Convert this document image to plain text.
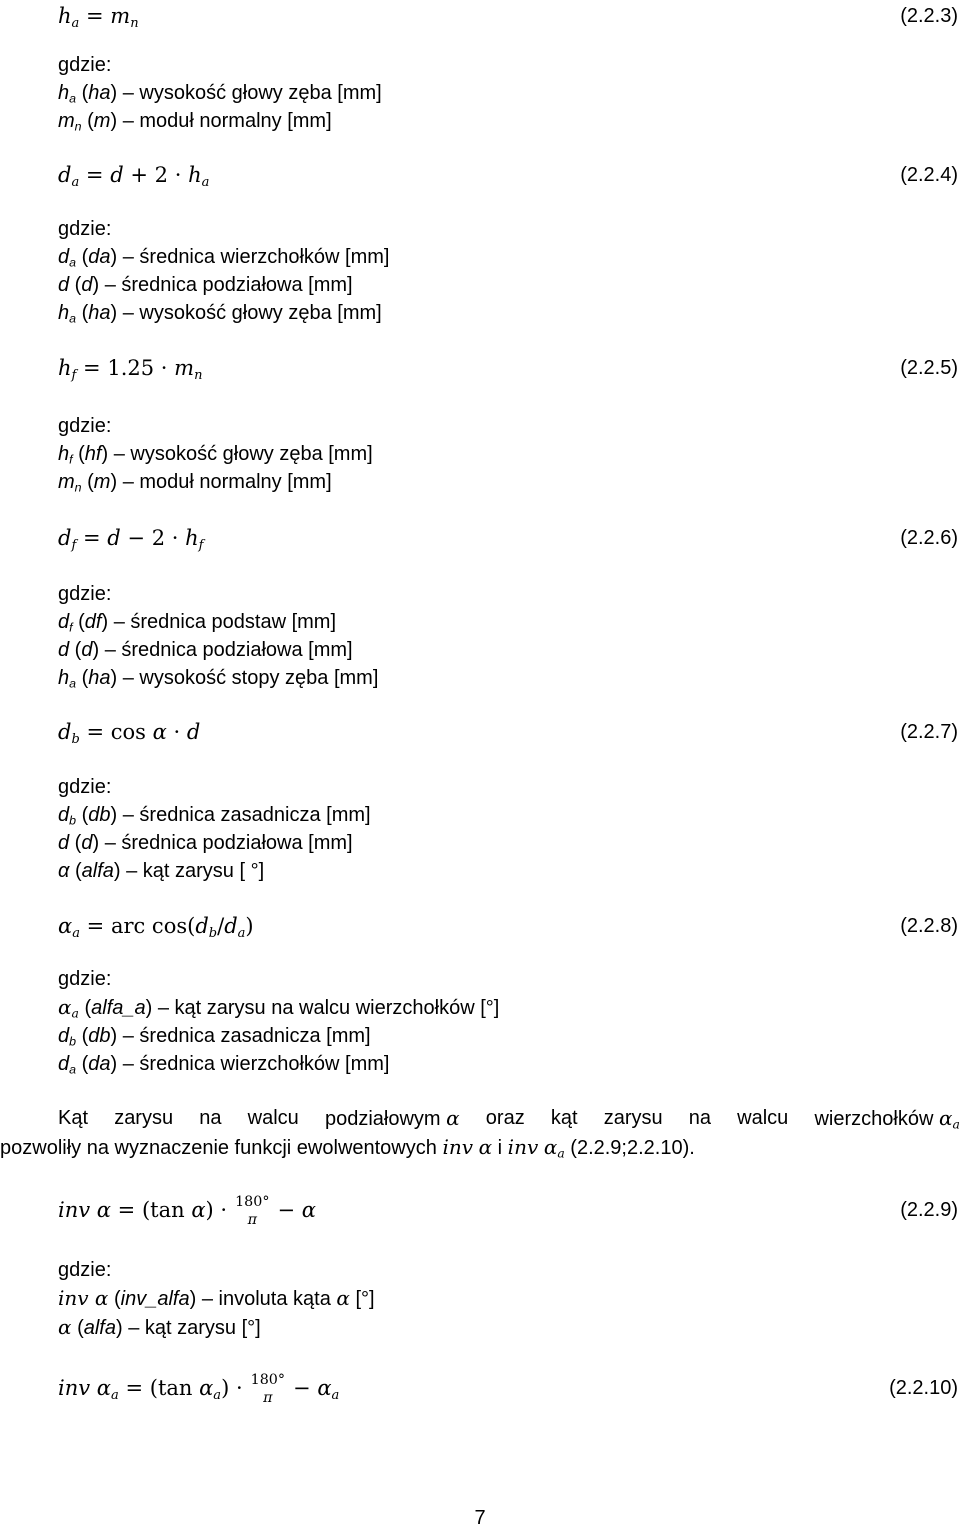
$h_a = m_n$	(2.2.3)
gdzie:
$h_a$ (ha) – wysokość głowy zęba [mm]
$m_n$ (m) – moduł normalny [mm]
$d_a = d + 2 \cdot h_a$	(2.2.4)
gdzie:
$d_a$ (da) – średnica wierzchołków [mm]
d (d) – średnica podziałowa [mm]
$h_a$ (ha) – wysokość głowy zęba [mm]
$h_f = 1.25 \cdot m_n$	(2.2.5)
gdzie:
$h_f$ (hf) – wysokość głowy zęba [mm]
$m_n$ (m) – moduł normalny [mm]
$d_f = d - 2 \cdot h_f$	(2.2.6)
gdzie:
$d_f$ (df) – średnica podstaw [mm]
d (d) – średnica podziałowa [mm]
$h_a$ (ha) – wysokość stopy zęba [mm]
$d_b = \cos \alpha \cdot d$	(2.2.7)
gdzie:
$d_b$ (db) – średnica zasadnicza [mm]
d (d) – średnica podziałowa [mm]
α (alfa) – kąt zarysu [ °]
$\alpha_a$ = arc $\cos(d_b/d_a)$	(2.2.8)
gdzie:
$\alpha_a$ (alfa_a) – kąt zarysu na walcu wierzchołków [°]
$d_b$ (db) – średnica zasadnicza [mm]
$d_a$ (da) – średnica wierzchołków [mm]
Kąt zarysu na walcu podziałowym α oraz kąt zarysu na walcu wierzchołków $\alpha_a$
pozwoliły na wyznaczenie funkcji ewolwentowych inv α i inv $\alpha_a$ (2.2.9;2.2.10).
inv α = (tan α) · 180°
π − α	(2.2.9)
gdzie:
inv α (inv_alfa) – involuta kąta α [°]
α (alfa) – kąt zarysu [°]
inv $\alpha_a = (\tan$ $\alpha_a) \cdot 180^\circ$
$\pi - \alpha_a$	(2.2.10)
7
